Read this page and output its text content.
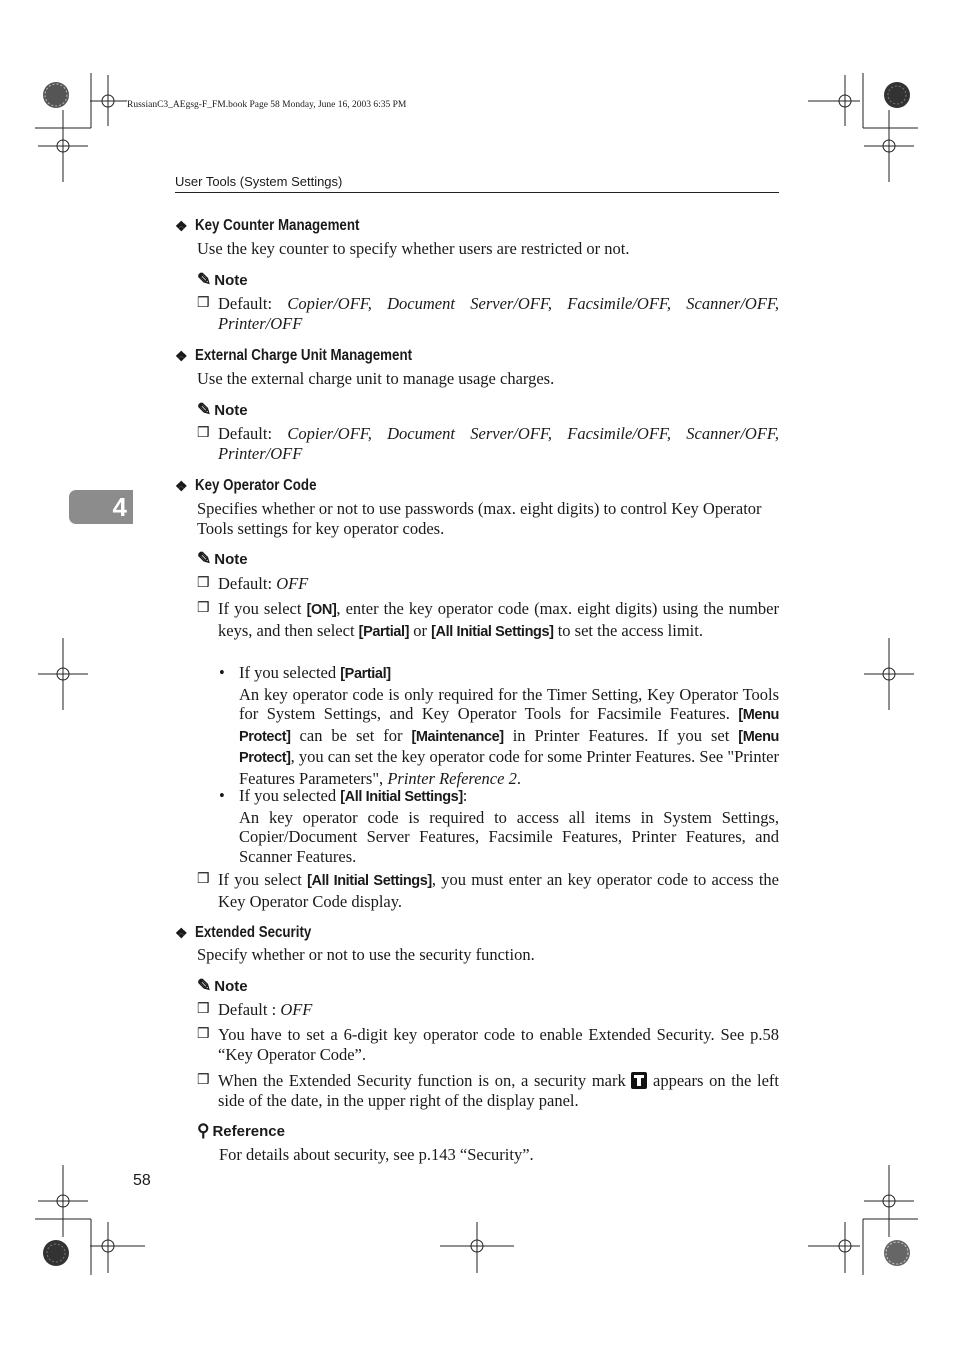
RussianC3_AEgsg-F_FM.book Page 58 Monday, June 16, 2003 6:35 PM
User Tools (System Settings)
4
❖ Key Counter Management
Use the key counter to specify whether users are restricted or not.
✎ Note
❒ Default: Copier/OFF, Document Server/OFF, Facsimile/OFF, Scanner/OFF, Printer/OFF
❖ External Charge Unit Management
Use the external charge unit to manage usage charges.
✎ Note
❒ Default: Copier/OFF, Document Server/OFF, Facsimile/OFF, Scanner/OFF, Printer/OFF
❖ Key Operator Code
Specifies whether or not to use passwords (max. eight digits) to control Key Operator Tools settings for key operator codes.
✎ Note
❒ Default: OFF
❒ If you select [ON], enter the key operator code (max. eight digits) using the number keys, and then select [Partial] or [All Initial Settings] to set the access limit.
• If you selected [Partial]
An key operator code is only required for the Timer Setting, Key Operator Tools for System Settings, and Key Operator Tools for Facsimile Features. [Menu Protect] can be set for [Maintenance] in Printer Features. If you set [Menu Protect], you can set the key operator code for some Printer Features. See "Printer Features Parameters", Printer Reference 2.
• If you selected [All Initial Settings]:
An key operator code is required to access all items in System Settings, Copier/Document Server Features, Facsimile Features, Printer Features, and Scanner Features.
❒ If you select [All Initial Settings], you must enter an key operator code to access the Key Operator Code display.
❖ Extended Security
Specify whether or not to use the security function.
✎ Note
❒ Default : OFF
❒ You have to set a 6-digit key operator code to enable Extended Security. See p.58 “Key Operator Code”.
❒ When the Extended Security function is on, a security mark
appears on the left side of the date, in the upper right of the display panel.
⚲ Reference
For details about security, see p.143 “Security”.
58
